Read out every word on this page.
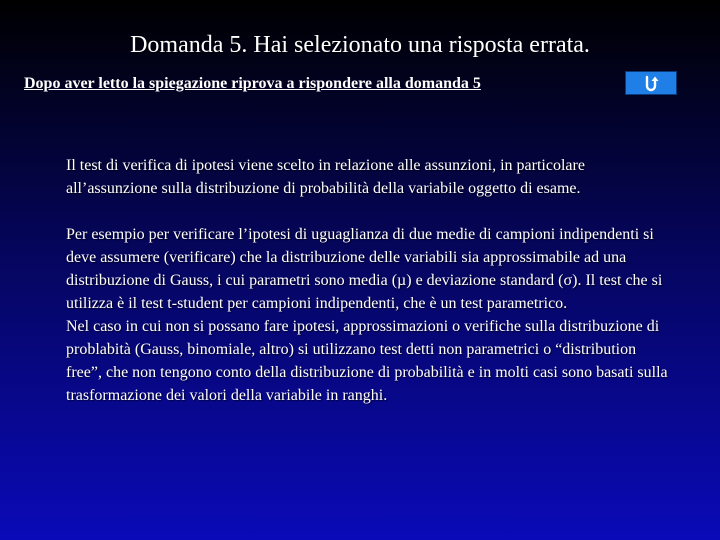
Domanda 5. Hai selezionato una risposta errata.
Dopo aver letto la spiegazione riprova a rispondere alla domanda 5

Il test di verifica di ipotesi viene scelto in relazione alle assunzioni, in particolare all’assunzione sulla distribuzione di probabilità della variabile oggetto di esame.

Per esempio per verificare l’ipotesi di uguaglianza di due medie di campioni indipendenti si deve assumere (verificare) che la distribuzione delle variabili sia approssimabile ad una distribuzione di Gauss, i cui parametri sono media (µ) e deviazione standard (σ). Il test che si utilizza è il test t-student per campioni indipendenti, che è un test parametrico.

Nel caso in cui non si possano fare ipotesi, approssimazioni o verifiche sulla distribuzione di problabità (Gauss, binomiale, altro) si utilizzano test detti non parametrici o “distribution free”, che non tengono conto della distribuzione di probabilità e in molti casi sono basati sulla trasformazione dei valori della variabile in ranghi.
